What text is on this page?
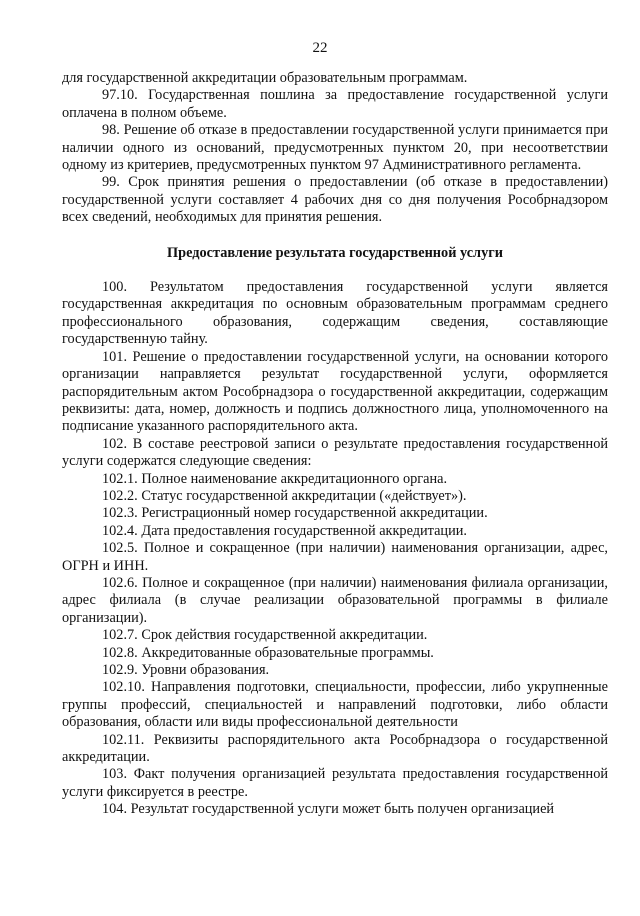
22

для государственной аккредитации образовательным программам.

97.10. Государственная пошлина за предоставление государственной услуги оплачена в полном объеме.

98. Решение об отказе в предоставлении государственной услуги принимается при наличии одного из оснований, предусмотренных пунктом 20, при несоответствии одному из критериев, предусмотренных пунктом 97 Административного регламента.

99. Срок принятия решения о предоставлении (об отказе в предоставлении) государственной услуги составляет 4 рабочих дня со дня получения Рособрнадзором всех сведений, необходимых для принятия решения.

Предоставление результата государственной услуги

100. Результатом предоставления государственной услуги является государственная аккредитация по основным образовательным программам среднего профессионального образования, содержащим сведения, составляющие государственную тайну.

101. Решение о предоставлении государственной услуги, на основании которого организации направляется результат государственной услуги, оформляется распорядительным актом Рособрнадзора о государственной аккредитации, содержащим реквизиты: дата, номер, должность и подпись должностного лица, уполномоченного на подписание указанного распорядительного акта.

102. В составе реестровой записи о результате предоставления государственной услуги содержатся следующие сведения:

102.1. Полное наименование аккредитационного органа.

102.2. Статус государственной аккредитации («действует»).

102.3. Регистрационный номер государственной аккредитации.

102.4. Дата предоставления государственной аккредитации.

102.5. Полное и сокращенное (при наличии) наименования организации, адрес, ОГРН и ИНН.

102.6. Полное и сокращенное (при наличии) наименования филиала организации, адрес филиала (в случае реализации образовательной программы в филиале организации).

102.7. Срок действия государственной аккредитации.

102.8. Аккредитованные образовательные программы.

102.9. Уровни образования.

102.10. Направления подготовки, специальности, профессии, либо укрупненные группы профессий, специальностей и направлений подготовки, либо области образования, области или виды профессиональной деятельности

102.11. Реквизиты распорядительного акта Рособрнадзора о государственной аккредитации.

103. Факт получения организацией результата предоставления государственной услуги фиксируется в реестре.

104. Результат государственной услуги может быть получен организацией
